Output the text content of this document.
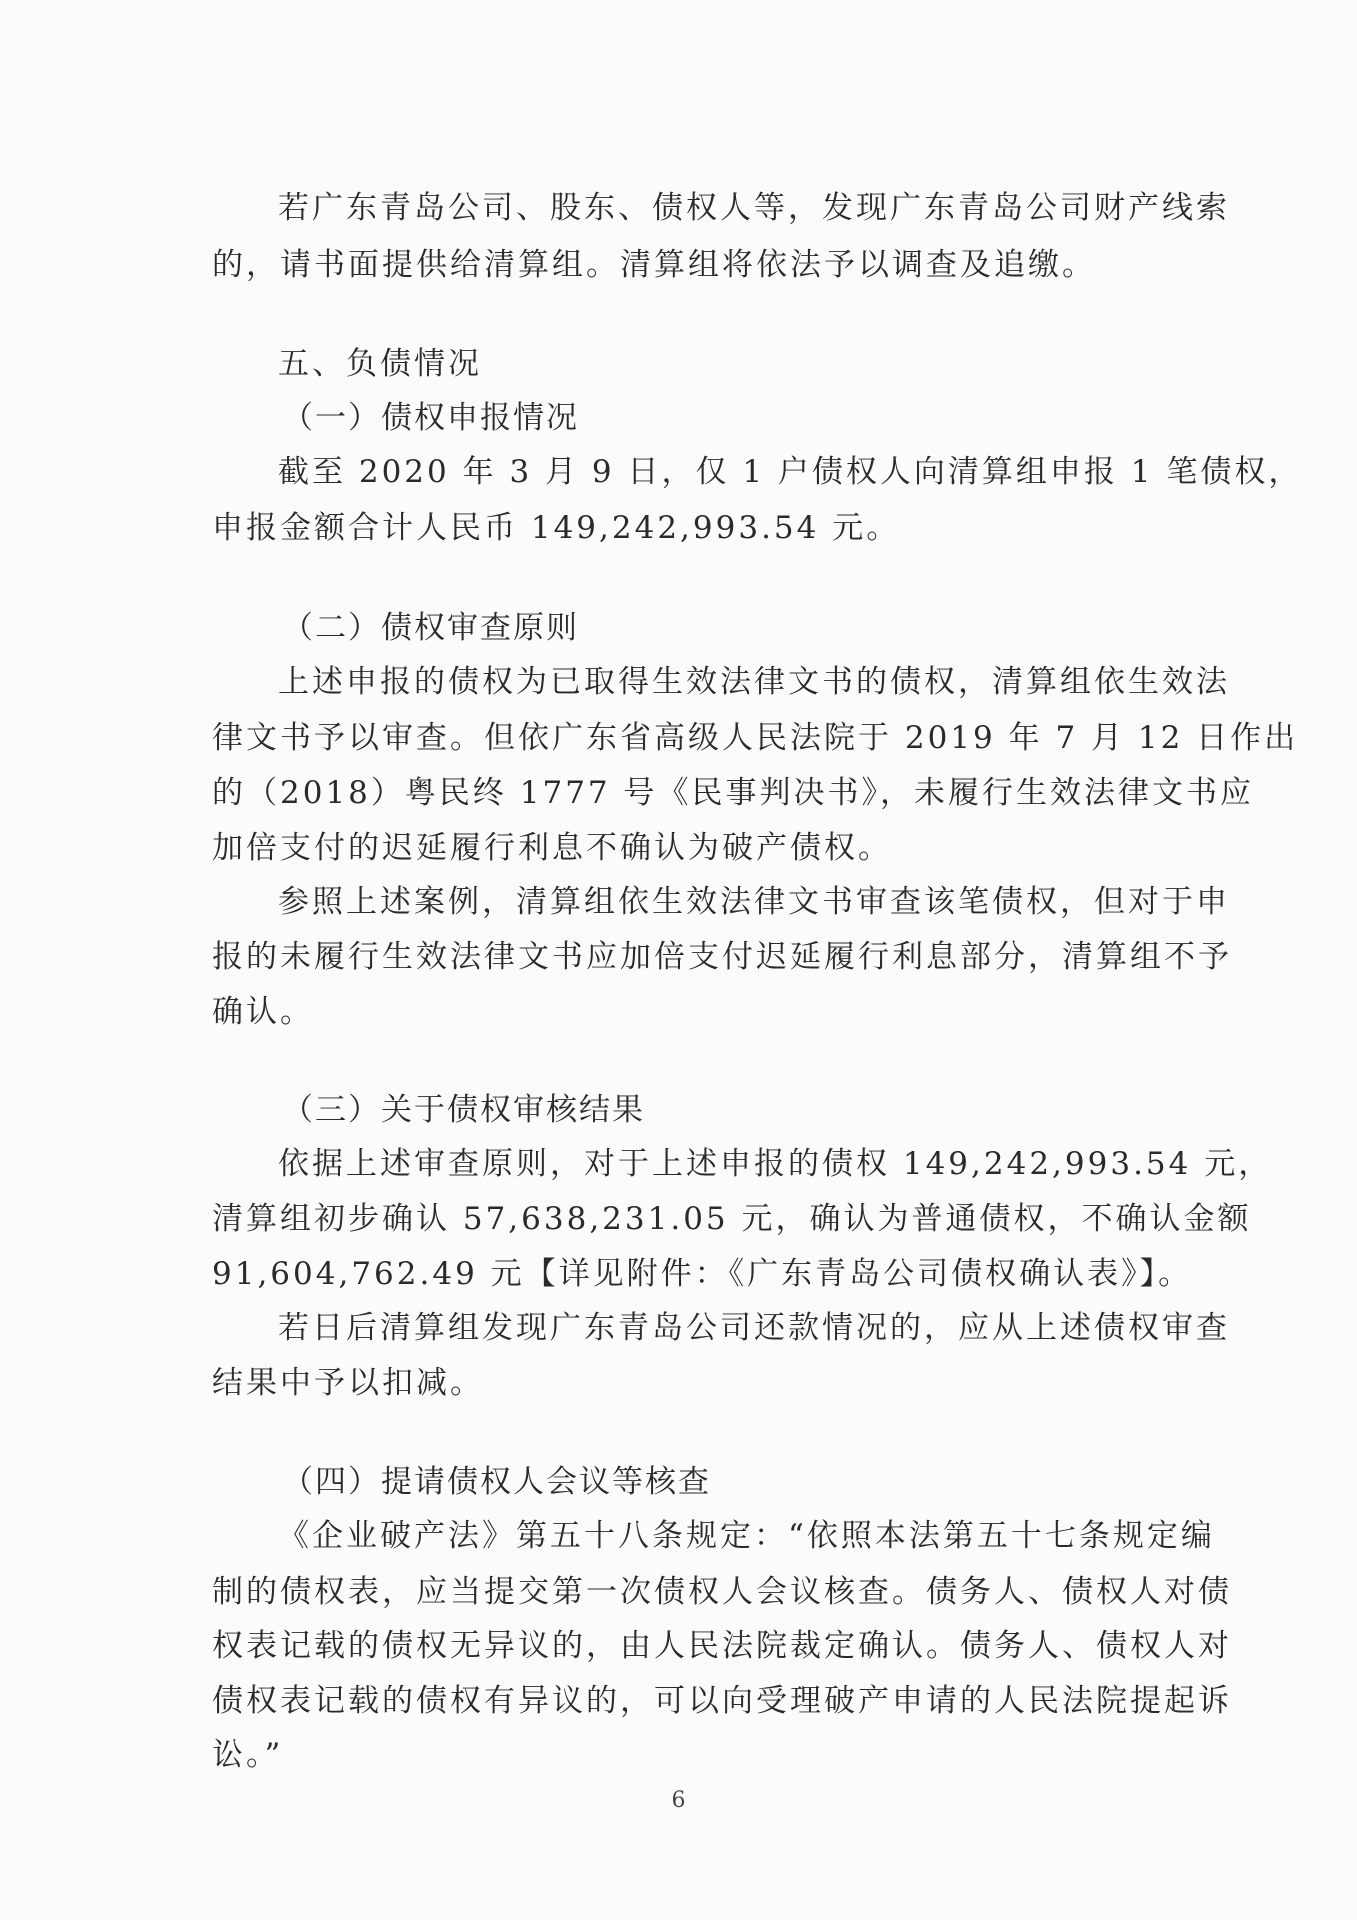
若广东青岛公司、股东、债权人等，发现广东青岛公司财产线索
的，请书面提供给清算组。清算组将依法予以调查及追缴。
五、负债情况
（一）债权申报情况
截至 2020 年 3 月 9 日，仅 1 户债权人向清算组申报 1 笔债权，
申报金额合计人民币 149,242,993.54 元。
（二）债权审查原则
上述申报的债权为已取得生效法律文书的债权，清算组依生效法
律文书予以审查。但依广东省高级人民法院于 2019 年 7 月 12 日作出
的（2018）粤民终 1777 号《民事判决书》，未履行生效法律文书应
加倍支付的迟延履行利息不确认为破产债权。
参照上述案例，清算组依生效法律文书审查该笔债权，但对于申
报的未履行生效法律文书应加倍支付迟延履行利息部分，清算组不予
确认。
（三）关于债权审核结果
依据上述审查原则，对于上述申报的债权 149,242,993.54 元，
清算组初步确认 57,638,231.05 元，确认为普通债权，不确认金额
91,604,762.49 元【详见附件：《广东青岛公司债权确认表》】。
若日后清算组发现广东青岛公司还款情况的，应从上述债权审查
结果中予以扣减。
（四）提请债权人会议等核查
《企业破产法》第五十八条规定：“依照本法第五十七条规定编
制的债权表，应当提交第一次债权人会议核查。债务人、债权人对债
权表记载的债权无异议的，由人民法院裁定确认。债务人、债权人对
债权表记载的债权有异议的，可以向受理破产申请的人民法院提起诉
讼。”
6
